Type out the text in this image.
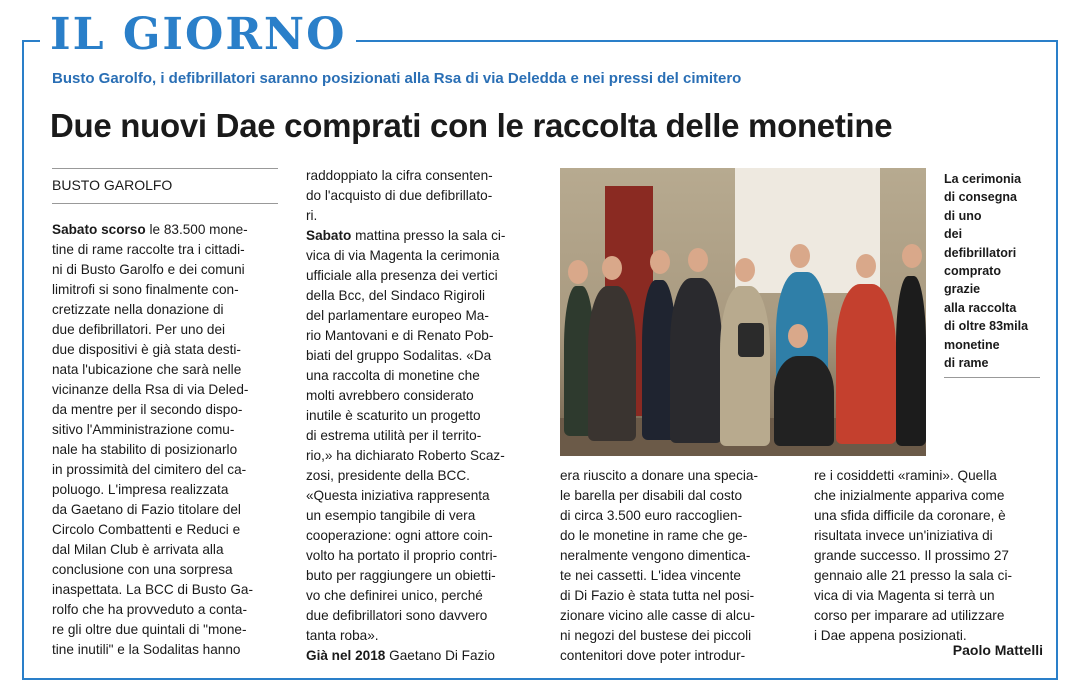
IL GIORNO
Busto Garolfo, i defibrillatori saranno posizionati alla Rsa di via Deledda e nei pressi del cimitero
Due nuovi Dae comprati con le raccolta delle monetine
BUSTO GAROLFO

Sabato scorso le 83.500 mone-

tine di rame raccolte tra i cittadi-

ni di Busto Garolfo e dei comuni

limitrofi si sono finalmente con-

cretizzate nella donazione di

due defibrillatori. Per uno dei

due dispositivi è già stata desti-

nata l'ubicazione che sarà nelle

vicinanze della Rsa di via Deled-

da mentre per il secondo dispo-

sitivo l'Amministrazione comu-

nale ha stabilito di posizionarlo

in prossimità del cimitero del ca-

poluogo. L'impresa realizzata

da Gaetano di Fazio titolare del

Circolo Combattenti e Reduci e

dal Milan Club è arrivata alla

conclusione con una sorpresa

inaspettata. La BCC di Busto Ga-

rolfo che ha provveduto a conta-

re gli oltre due quintali di "mone-

tine inutili" e la Sodalitas hanno

raddoppiato la cifra consenten-

do l'acquisto di due defibrillato-

ri.

Sabato mattina presso la sala ci-

vica di via Magenta la cerimonia

ufficiale alla presenza dei vertici

della Bcc, del Sindaco Rigiroli

del parlamentare europeo Ma-

rio Mantovani e di Renato Pob-

biati del gruppo Sodalitas. «Da

una raccolta di monetine che

molti avrebbero considerato

inutile è scaturito un progetto

di estrema utilità per il territo-

rio,» ha dichiarato Roberto Scaz-

zosi, presidente della BCC.

«Questa iniziativa rappresenta

un esempio tangibile di vera

cooperazione: ogni attore coin-

volto ha portato il proprio contri-

buto per raggiungere un obietti-

vo che definirei unico, perché

due defibrillatori sono davvero

tanta roba».

Già nel 2018 Gaetano Di Fazio

La cerimonia
di consegna
di uno
dei
defibrillatori
comprato
grazie
alla raccolta
di oltre 83mila
monetine
di rame

era riuscito a donare una specia-

le barella per disabili dal costo

di circa 3.500 euro raccoglien-

do le monetine in rame che ge-

neralmente vengono dimentica-

te nei cassetti. L'idea vincente

di Di Fazio è stata tutta nel posi-

zionare vicino alle casse di alcu-

ni negozi del bustese dei piccoli

contenitori dove poter introdur-

re i cosiddetti «ramini». Quella

che inizialmente appariva come

una sfida difficile da coronare, è

risultata invece un'iniziativa di

grande successo. Il prossimo 27

gennaio alle 21 presso la sala ci-

vica di via Magenta si terrà un

corso per imparare ad utilizzare

i Dae appena posizionati.

Paolo Mattelli
